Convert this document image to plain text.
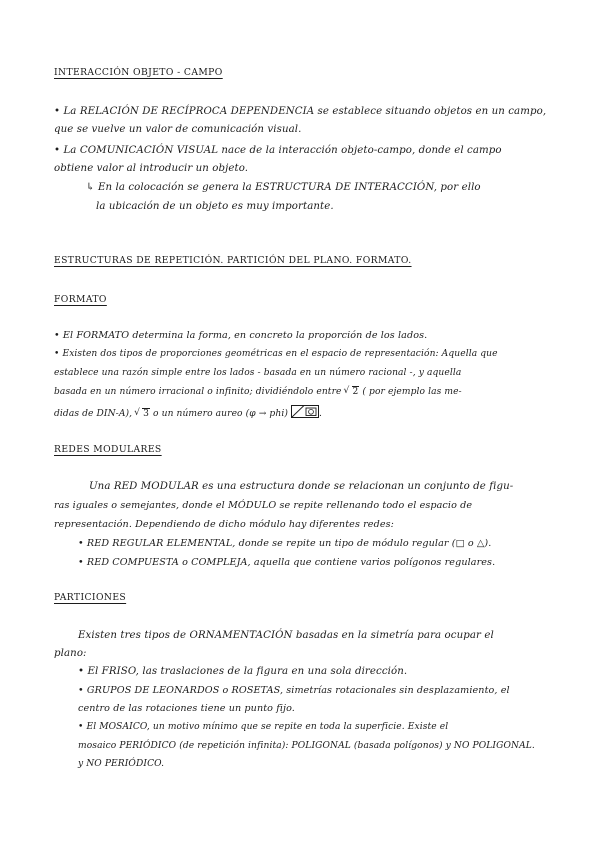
INTERACCIÓN OBJETO - CAMPO
• La RELACIÓN DE RECÍPROCA DEPENDENCIA se establece situando objetos en un campo,
que se vuelve un valor de comunicación visual.
• La COMUNICACIÓN VISUAL nace de la interacción objeto-campo, donde el campo
obtiene valor al introducir un objeto.
↳ En la colocación se genera la ESTRUCTURA DE INTERACCIÓN, por ello
la ubicación de un objeto es muy importante.
ESTRUCTURAS DE REPETICIÓN. PARTICIÓN DEL PLANO. FORMATO.
FORMATO
• El FORMATO determina la forma, en concreto la proporción de los lados.
• Existen dos tipos de proporciones geométricas en el espacio de representación: Aquella que
establece una razón simple entre los lados - basada en un número racional -, y aquella
basada en un número irracional o infinito; dividiéndolo entre √ 2 ( por ejemplo las me-
didas de DIN-A), √ 3 o un número aureo (φ → phi)	.
REDES MODULARES
Una RED MODULAR es una estructura donde se relacionan un conjunto de figu-
ras iguales o semejantes, donde el MÓDULO se repite rellenando todo el espacio de
representación. Dependiendo de dicho módulo hay diferentes redes:
• RED REGULAR ELEMENTAL, donde se repite un tipo de módulo regular (□ o △).
• RED COMPUESTA o COMPLEJA, aquella que contiene varios polígonos regulares.
PARTICIONES
Existen tres tipos de ORNAMENTACIÓN basadas en la simetría para ocupar el
plano:
• El FRISO, las traslaciones de la figura en una sola dirección.
• GRUPOS DE LEONARDOS o ROSETAS, simetrías rotacionales sin desplazamiento, el
centro de las rotaciones tiene un punto fijo.
• El MOSAICO, un motivo mínimo que se repite en toda la superficie. Existe el
mosaico PERIÓDICO (de repetición infinita): POLIGONAL (basada polígonos) y NO POLIGONAL.
y NO PERIÓDICO.
